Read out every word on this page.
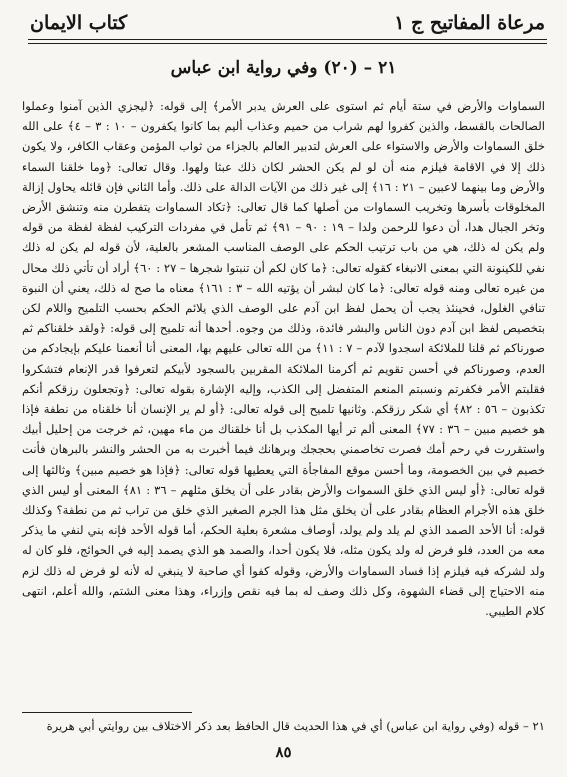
مرعاة المفاتيح ج ١
كتاب الايمان
٢١ – (٢٠) وفي رواية ابن عباس

السماوات والأرض في ستة أيام ثم استوى على العرش يدبر الأمر﴾ إلى قوله: ﴿ليجزي الذين آمنوا وعملوا الصالحات بالقسط، والذين كفروا لهم شراب من حميم وعذاب أليم بما كانوا يكفرون – ١٠ : ٣ – ٤﴾ على الله خلق السماوات والأرض والاستواء على العرش لتدبير العالم بالجزاء من ثواب المؤمن وعقاب الكافر، ولا يكون ذلك إلا في الاقامة فيلزم منه أن لو لم يكن الحشر لكان ذلك عبثا ولهوا. وقال تعالى: ﴿وما خلقنا السماء والأرض وما بينهما لاعبين – ٢١ : ١٦﴾ إلى غير ذلك من الآيات الدالة على ذلك. وأما الثاني فإن قائله يحاول إزالة المخلوقات بأسرها وتخريب السماوات من أصلها كما قال تعالى: ﴿تكاد السماوات يتفطرن منه وتنشق الأرض وتخر الجبال هدا، أن دعوا للرحمن ولدا – ١٩ : ٩٠ – ٩١﴾ ثم تأمل في مفردات التركيب لفظة لفظة من قوله ولم يكن له ذلك، هي من باب ترتيب الحكم على الوصف المناسب المشعر بالعلية، لأن قوله لم يكن له ذلك نفي للكينونة التي بمعنى الانبغاء كقوله تعالى: ﴿ما كان لكم أن تنبتوا شجرها – ٢٧ : ٦٠﴾ أراد أن تأتي ذلك محال من غيره تعالى ومنه قوله تعالى: ﴿ما كان لبشر أن يؤتيه الله – ٣ : ١٦١﴾ معناه ما صح له ذلك، يعني أن النبوة تنافي الغلول، فحينئذ يجب أن يحمل لفظ ابن آدم على الوصف الذي يلائم الحكم بحسب التلميح واللام لكن بتخصيص لفظ ابن آدم دون الناس والبشر فائدة، وذلك من وجوه. أحدها أنه تلميح إلى قوله: ﴿ولقد خلقناكم ثم صورناكم ثم قلنا للملائكة اسجدوا لآدم – ٧ : ١١﴾ من الله تعالى عليهم بها، المعنى أنا أنعمنا عليكم بإيجادكم من العدم، وصورناكم في أحسن تقويم ثم أكرمنا الملائكة المقربين بالسجود لأبيكم لتعرفوا قدر الإنعام فتشكروا فقلبتم الأمر فكفرتم ونسبتم المنعم المتفضل إلى الكذب، وإليه الإشارة بقوله تعالى: ﴿وتجعلون رزقكم أنكم تكذبون – ٥٦ : ٨٢﴾ أي شكر رزقكم. وثانيها تلميح إلى قوله تعالى: ﴿أو لم ير الإنسان أنا خلقناه من نطفة فإذا هو خصيم مبين – ٣٦ : ٧٧﴾ المعنى ألم تر أيها المكذب بل أنا خلقناك من ماء مهين، ثم خرجت من إحليل أبيك واستقررت في رحم أمك فصرت تخاصمني بحججك وبرهانك فيما أخبرت به من الحشر والنشر بالبرهان فأنت خصيم في بين الخصومة، وما أحسن موقع المفاجأة التي يعطيها قوله تعالى: ﴿فإذا هو خصيم مبين﴾ وثالثها إلى قوله تعالى: ﴿أو ليس الذي خلق السموات والأرض بقادر على أن يخلق مثلهم – ٣٦ : ٨١﴾ المعنى أو ليس الذي خلق هذه الأجرام العظام بقادر على أن يخلق مثل هذا الجرم الصغير الذي خلق من تراب ثم من نطفة؟ وكذلك قوله: أنا الأحد الصمد الذي لم يلد ولم يولد، أوصاف مشعرة بعلية الحكم، أما قوله الأحد فإنه بني لنفي ما يذكر معه من العدد، فلو فرض له ولد يكون مثله، فلا يكون أحدا، والصمد هو الذي يصمد إليه في الحوائج، فلو كان له ولد لشركه فيه فيلزم إذا فساد السماوات والأرض، وقوله كفوا أي صاحبة لا ينبغي له لأنه لو فرض له ذلك لزم منه الاحتياج إلى قضاء الشهوة، وكل ذلك وصف له بما فيه نقص وإزراء، وهذا معنى الشتم، والله أعلم، انتهى كلام الطيبي.

٢١ – قوله (وفي رواية ابن عباس) أي في هذا الحديث قال الحافظ بعد ذكر الاختلاف بين روايتي أبي هريرة
٨٥
